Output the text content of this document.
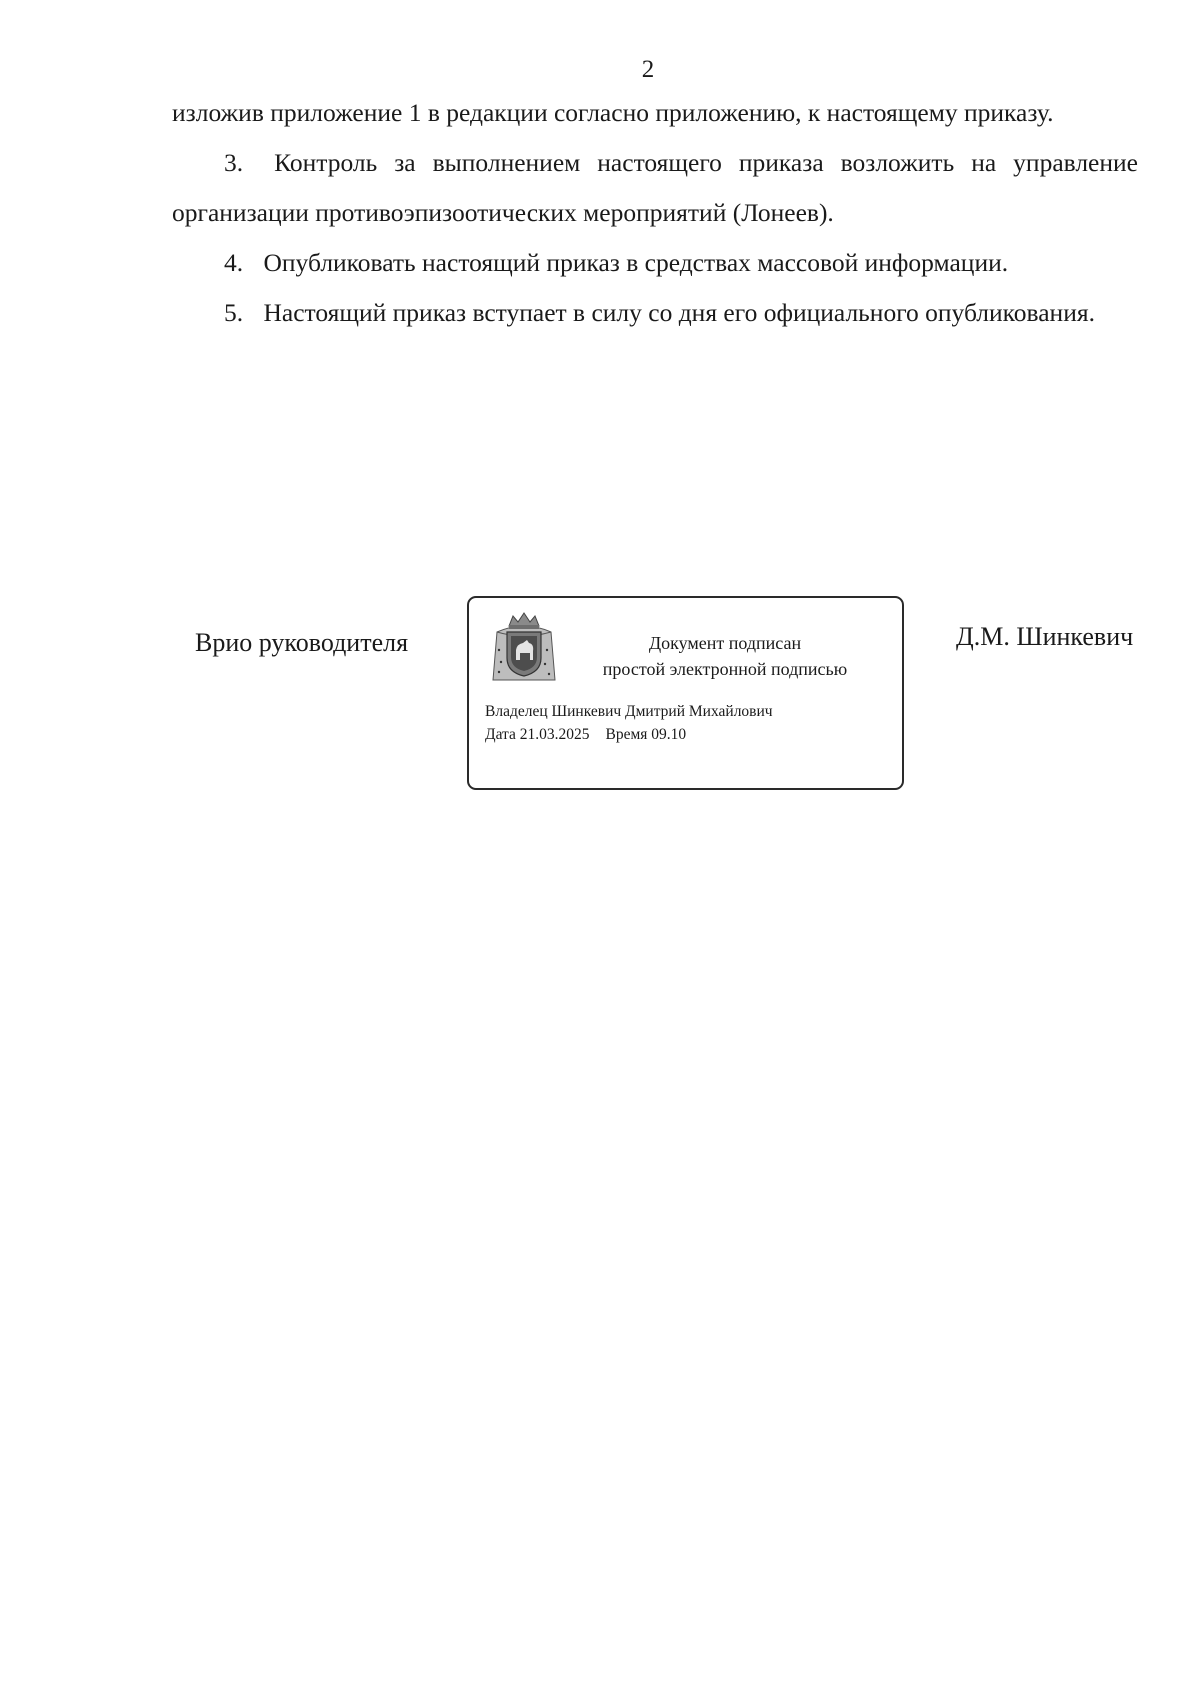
2

изложив приложение 1 в редакции согласно приложению, к настоящему приказу.

3. Контроль за выполнением настоящего приказа возложить на управление организации противоэпизоотических мероприятий (Лонеев).

4. Опубликовать настоящий приказ в средствах массовой информации.

5. Настоящий приказ вступает в силу со дня его официального опубликования.

Врио руководителя	Документ подписан
простой электронной подписью
Владелец Шинкевич Дмитрий Михайлович
Дата 21.03.2025 Время 09.10
Д.М. Шинкевич
